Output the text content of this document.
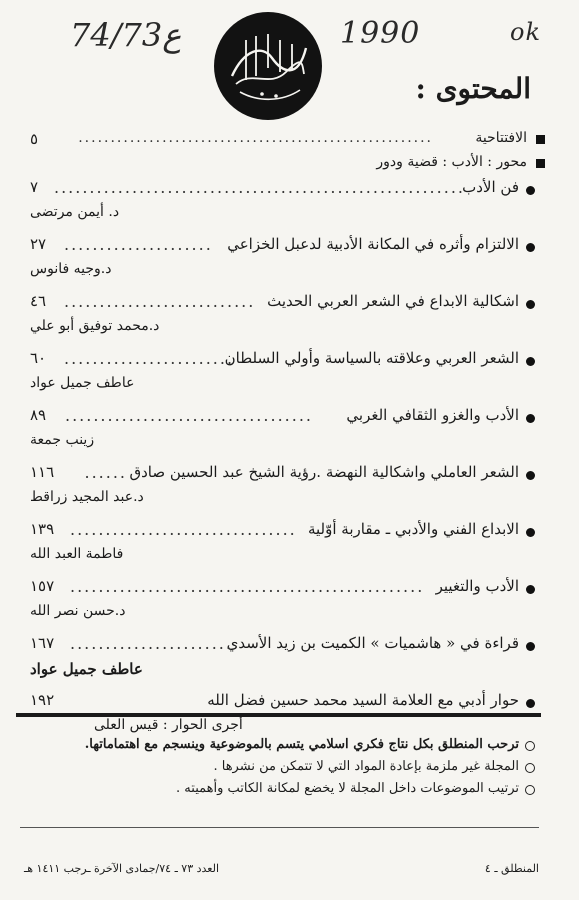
74/73ع	1990	ok
المحتوى :
الافتتاحية
.......................................................
٥
محور : الأدب : قضية ودور
فن الأدب
..........................................................
٧
د. أيمن مرتضى
الالتزام وأثره في المكانة الأدبية لدعبل الخزاعي
.....................
٢٧
د.وجيه فانوس
اشكالية الابداع في الشعر العربي الحديث
...........................
٤٦
د.محمد توفيق أبو علي
الشعر العربي وعلاقته بالسياسة وأولي السلطان
........................
٦٠
عاطف جميل عواد
الأدب والغزو الثقافي الغربي
...................................
٨٩
زينب جمعة
الشعر العاملي واشكالية النهضة .رؤية الشيخ عبد الحسين صادق
......
١١٦
د.عبد المجيد زراقط
الابداع الفني والأدبي ـ مقاربة أوّلية
................................
١٣٩
فاطمة العبد الله
الأدب والتغيير
..................................................
١٥٧
د.حسن نصر الله
قراءة في « هاشميات » الكميت بن زيد الأسدي
.......................
١٦٧
عاطف جميل عواد
حوار أدبي مع العلامة السيد محمد حسين فضل الله
١٩٢
أجرى الحوار : قيس العلى
ترحب المنطلق بكل نتاج فكري اسلامي يتسم بالموضوعية وينسجم مع اهتماماتها.
المجلة غير ملزمة بإعادة المواد التي لا تتمكن من نشرها .
ترتيب الموضوعات داخل المجلة لا يخضع لمكانة الكاتب وأهميته .
العدد ٧٣ ـ ٧٤/جمادى الآخرة ـرجب ١٤١١ هـ	المنطلق ـ ٤
